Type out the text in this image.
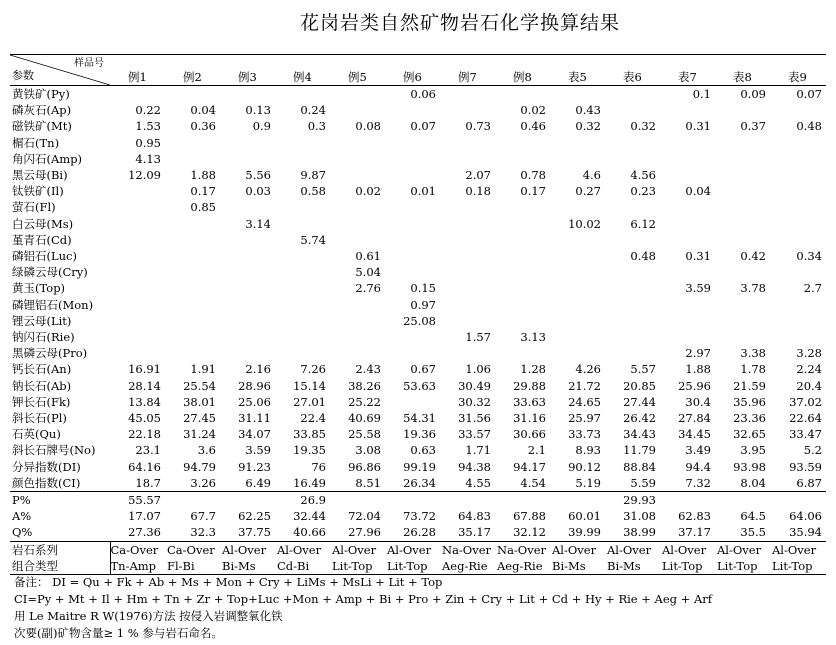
花岗岩类自然矿物岩石化学换算结果
样品号
参数	例1	例2	例3	例4	例5	例6	例7	例8	表5	表6	表7	表8	表9
黄铁矿(Py)						0.06					0.1	0.09	0.07
磷灰石(Ap)	0.22	0.04	0.13	0.24				0.02	0.43				
磁铁矿(Mt)	1.53	0.36	0.9	0.3	0.08	0.07	0.73	0.46	0.32	0.32	0.31	0.37	0.48
榍石(Tn)	0.95												
角闪石(Amp)	4.13												
黑云母(Bi)	12.09	1.88	5.56	9.87			2.07	0.78	4.6	4.56			
钛铁矿(Il)		0.17	0.03	0.58	0.02	0.01	0.18	0.17	0.27	0.23	0.04		
萤石(Fl)		0.85											
白云母(Ms)			3.14						10.02	6.12			
堇青石(Cd)				5.74									
磷铝石(Luc)					0.61					0.48	0.31	0.42	0.34
绿磷云母(Cry)					5.04								
黄玉(Top)					2.76	0.15					3.59	3.78	2.7
磷锂铝石(Mon)						0.97							
锂云母(Lit)						25.08							
钠闪石(Rie)							1.57	3.13					
黑磷云母(Pro)											2.97	3.38	3.28
钙长石(An)	16.91	1.91	2.16	7.26	2.43	0.67	1.06	1.28	4.26	5.57	1.88	1.78	2.24
钠长石(Ab)	28.14	25.54	28.96	15.14	38.26	53.63	30.49	29.88	21.72	20.85	25.96	21.59	20.4
钾长石(Fk)	13.84	38.01	25.06	27.01	25.22		30.32	33.63	24.65	27.44	30.4	35.96	37.02
斜长石(Pl)	45.05	27.45	31.11	22.4	40.69	54.31	31.56	31.16	25.97	26.42	27.84	23.36	22.64
石英(Qu)	22.18	31.24	34.07	33.85	25.58	19.36	33.57	30.66	33.73	34.43	34.45	32.65	33.47
斜长石牌号(No)	23.1	3.6	3.59	19.35	3.08	0.63	1.71	2.1	8.93	11.79	3.49	3.95	5.2
分异指数(DI)	64.16	94.79	91.23	76	96.86	99.19	94.38	94.17	90.12	88.84	94.4	93.98	93.59
颜色指数(CI)	18.7	3.26	6.49	16.49	8.51	26.34	4.55	4.54	5.19	5.59	7.32	8.04	6.87
P%	55.57			26.9						29.93			
A%	17.07	67.7	62.25	32.44	72.04	73.72	64.83	67.88	60.01	31.08	62.83	64.5	64.06
Q%	27.36	32.3	37.75	40.66	27.96	26.28	35.17	32.12	39.99	38.99	37.17	35.5	35.94
岩石系列	Ca-Over	Ca-Over	Al-Over	Al-Over	Al-Over	Al-Over	Na-Over	Na-Over	Al-Over	Al-Over	Al-Over	Al-Over	Al-Over
组合类型	Tn-Amp	Fl-Bi	Bi-Ms	Cd-Bi	Lit-Top	Lit-Top	Aeg-Rie	Aeg-Rie	Bi-Ms	Bi-Ms	Lit-Top	Lit-Top	Lit-Top
备注： DI = Qu + Fk + Ab + Ms + Mon + Cry + LiMs + MsLi + Lit + Top
CI=Py + Mt + Il + Hm + Tn + Zr + Top+Luc +Mon + Amp + Bi + Pro + Zin + Cry + Lit + Cd + Hy + Rie + Aeg + Arf
用 Le Maitre R W(1976)方法 按侵入岩调整氧化铁
次要(副)矿物含量≥ 1 % 参与岩石命名。
